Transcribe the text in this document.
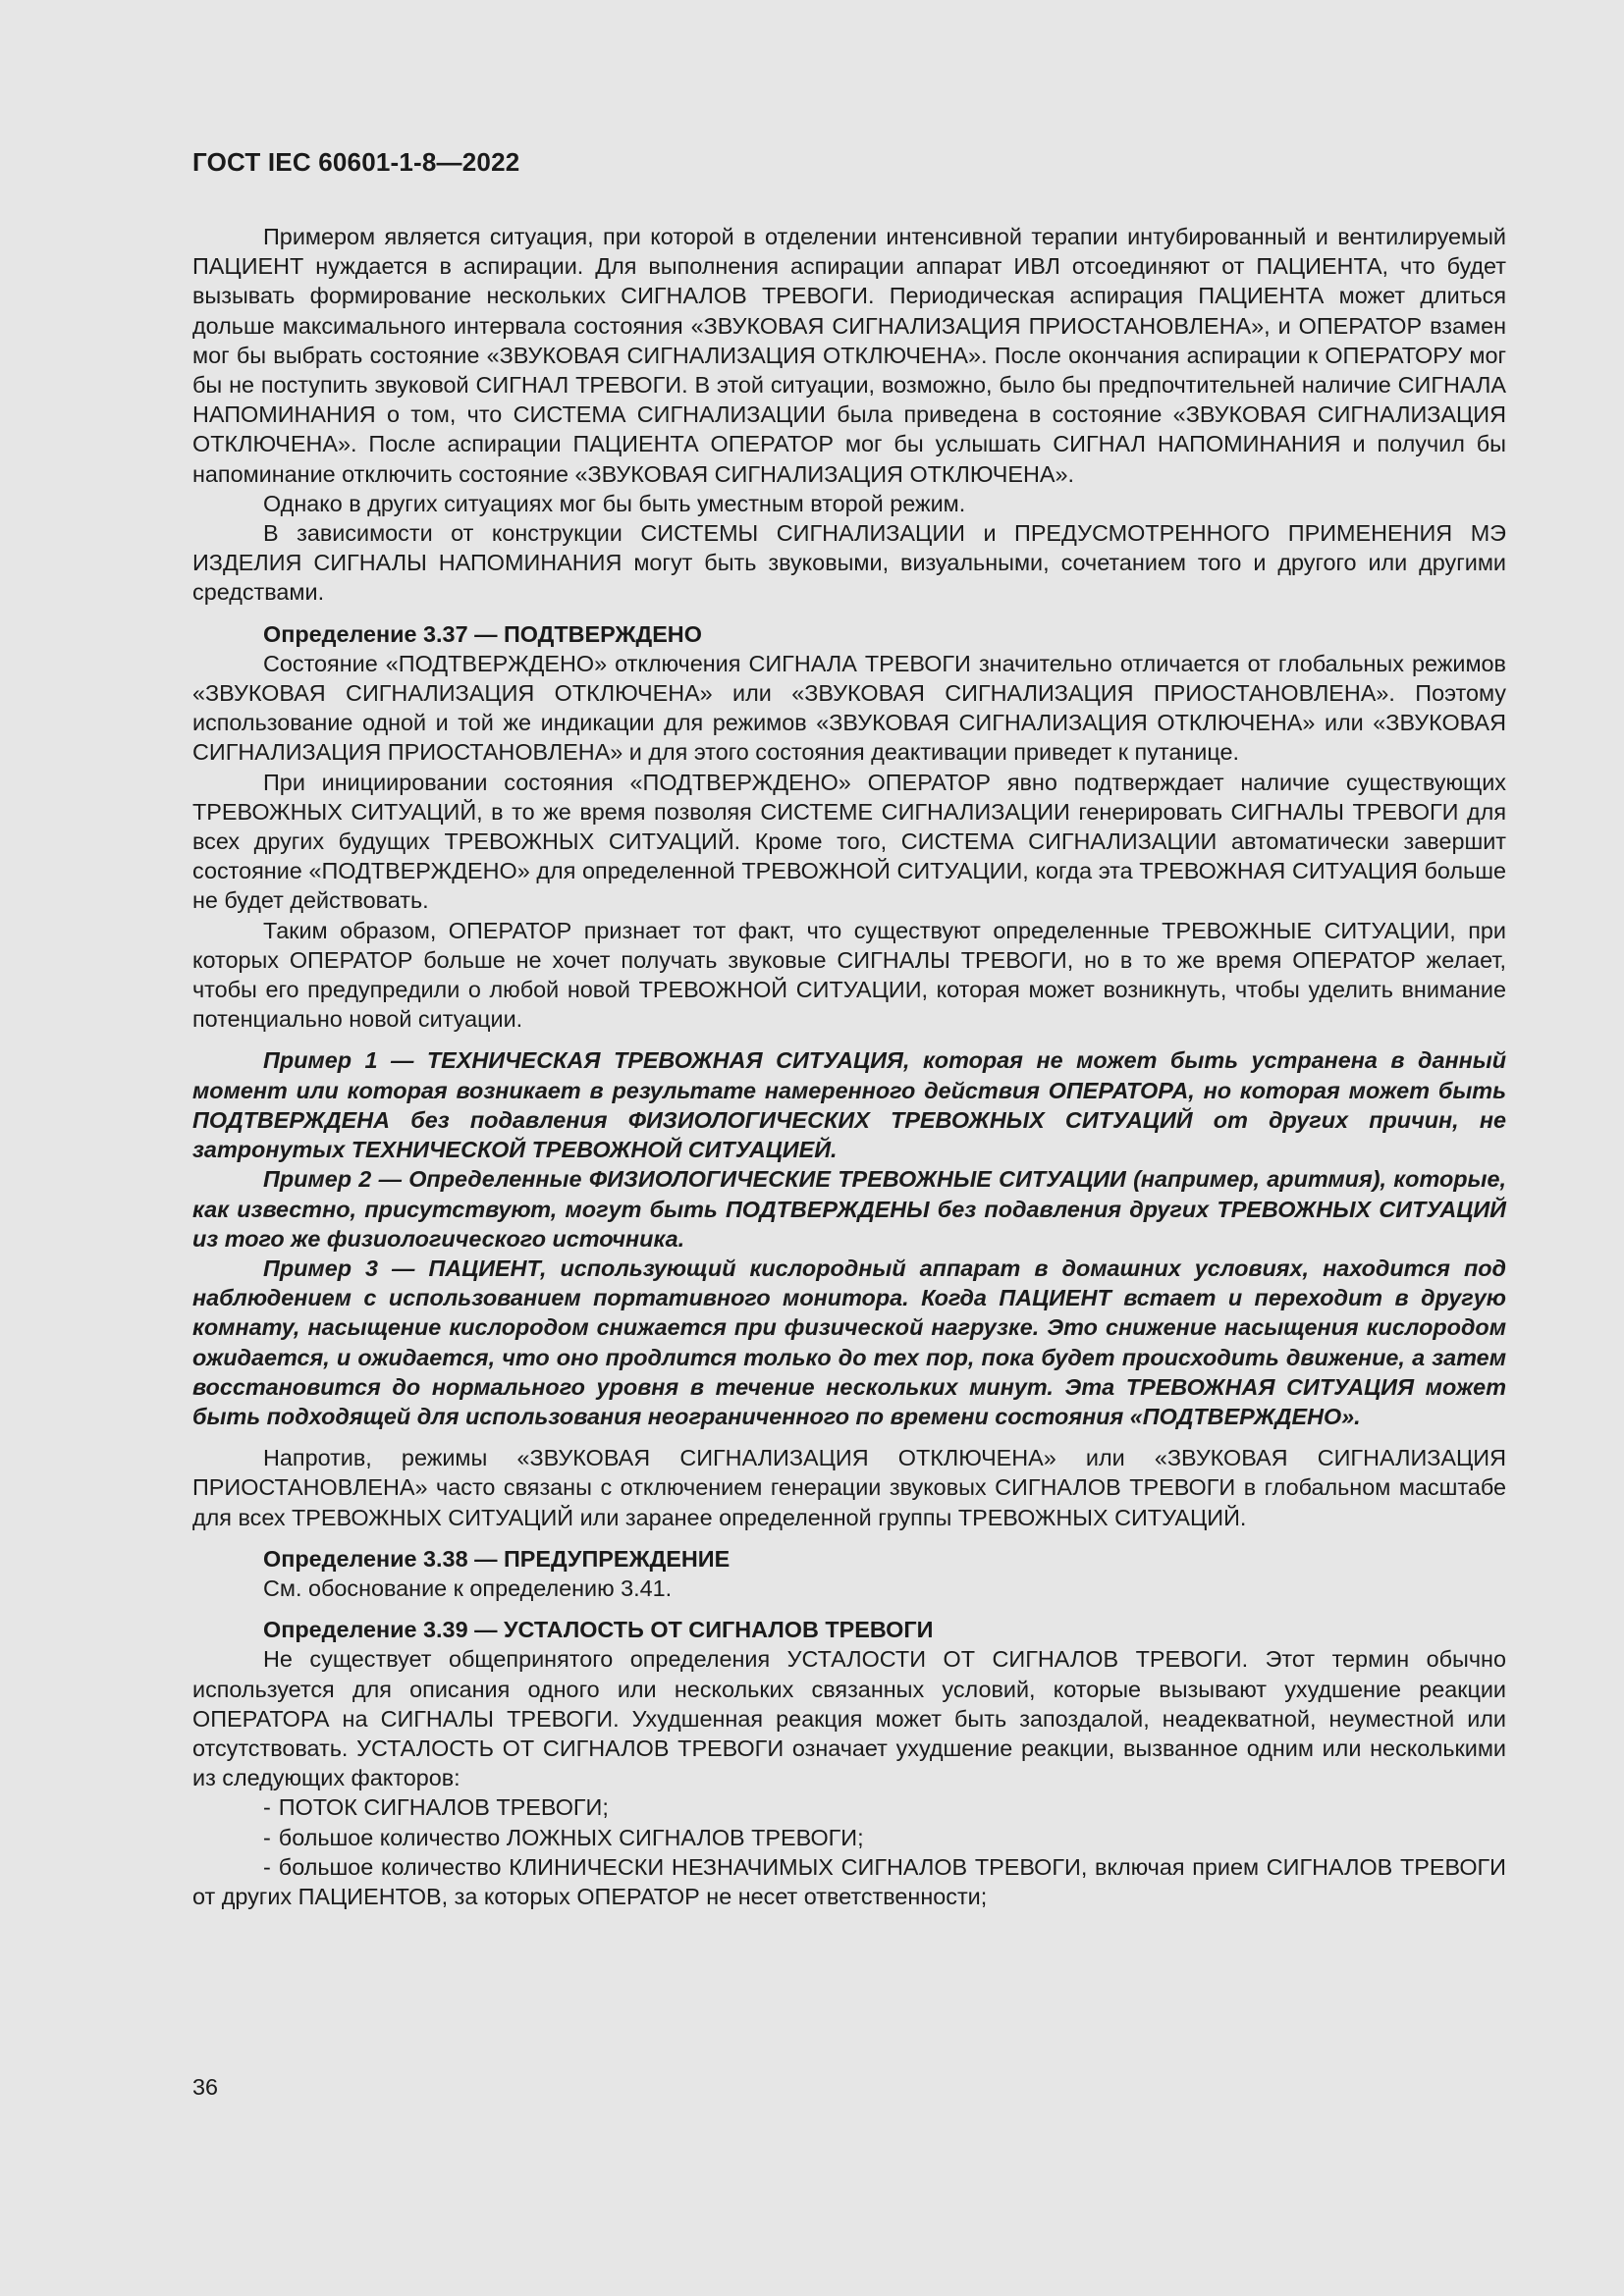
ГОСТ IEC 60601-1-8—2022

Примером является ситуация, при которой в отделении интенсивной терапии интубированный и вентилируемый ПАЦИЕНТ нуждается в аспирации. Для выполнения аспирации аппарат ИВЛ отсоединяют от ПАЦИЕНТА, что будет вызывать формирование нескольких СИГНАЛОВ ТРЕВОГИ. Периодическая аспирация ПАЦИЕНТА может длиться дольше максимального интервала состояния «ЗВУКОВАЯ СИГНАЛИЗАЦИЯ ПРИОСТАНОВЛЕНА», и ОПЕРАТОР взамен мог бы выбрать состояние «ЗВУКОВАЯ СИГНАЛИЗАЦИЯ ОТКЛЮЧЕНА». После окончания аспирации к ОПЕРАТОРУ мог бы не поступить звуковой СИГНАЛ ТРЕВОГИ. В этой ситуации, возможно, было бы предпочтительней наличие СИГНАЛА НАПОМИНАНИЯ о том, что СИСТЕМА СИГНАЛИЗАЦИИ была приведена в состояние «ЗВУКОВАЯ СИГНАЛИЗАЦИЯ ОТКЛЮЧЕНА». После аспирации ПАЦИЕНТА ОПЕРАТОР мог бы услышать СИГНАЛ НАПОМИНАНИЯ и получил бы напоминание отключить состояние «ЗВУКОВАЯ СИГНАЛИЗАЦИЯ ОТКЛЮЧЕНА».

Однако в других ситуациях мог бы быть уместным второй режим.

В зависимости от конструкции СИСТЕМЫ СИГНАЛИЗАЦИИ и ПРЕДУСМОТРЕННОГО ПРИМЕНЕНИЯ МЭ ИЗДЕЛИЯ СИГНАЛЫ НАПОМИНАНИЯ могут быть звуковыми, визуальными, сочетанием того и другого или другими средствами.

Определение 3.37 — ПОДТВЕРЖДЕНО

Состояние «ПОДТВЕРЖДЕНО» отключения СИГНАЛА ТРЕВОГИ значительно отличается от глобальных режимов «ЗВУКОВАЯ СИГНАЛИЗАЦИЯ ОТКЛЮЧЕНА» или «ЗВУКОВАЯ СИГНАЛИЗАЦИЯ ПРИОСТАНОВЛЕНА». Поэтому использование одной и той же индикации для режимов «ЗВУКОВАЯ СИГНАЛИЗАЦИЯ ОТКЛЮЧЕНА» или «ЗВУКОВАЯ СИГНАЛИЗАЦИЯ ПРИОСТАНОВЛЕНА» и для этого состояния деактивации приведет к путанице.

При инициировании состояния «ПОДТВЕРЖДЕНО» ОПЕРАТОР явно подтверждает наличие существующих ТРЕВОЖНЫХ СИТУАЦИЙ, в то же время позволяя СИСТЕМЕ СИГНАЛИЗАЦИИ генерировать СИГНАЛЫ ТРЕВОГИ для всех других будущих ТРЕВОЖНЫХ СИТУАЦИЙ. Кроме того, СИСТЕМА СИГНАЛИЗАЦИИ автоматически завершит состояние «ПОДТВЕРЖДЕНО» для определенной ТРЕВОЖНОЙ СИТУАЦИИ, когда эта ТРЕВОЖНАЯ СИТУАЦИЯ больше не будет действовать.

Таким образом, ОПЕРАТОР признает тот факт, что существуют определенные ТРЕВОЖНЫЕ СИТУАЦИИ, при которых ОПЕРАТОР больше не хочет получать звуковые СИГНАЛЫ ТРЕВОГИ, но в то же время ОПЕРАТОР желает, чтобы его предупредили о любой новой ТРЕВОЖНОЙ СИТУАЦИИ, которая может возникнуть, чтобы уделить внимание потенциально новой ситуации.

Пример 1 — ТЕХНИЧЕСКАЯ ТРЕВОЖНАЯ СИТУАЦИЯ, которая не может быть устранена в данный момент или которая возникает в результате намеренного действия ОПЕРАТОРА, но которая может быть ПОДТВЕРЖДЕНА без подавления ФИЗИОЛОГИЧЕСКИХ ТРЕВОЖНЫХ СИТУАЦИЙ от других причин, не затронутых ТЕХНИЧЕСКОЙ ТРЕВОЖНОЙ СИТУАЦИЕЙ.

Пример 2 — Определенные ФИЗИОЛОГИЧЕСКИЕ ТРЕВОЖНЫЕ СИТУАЦИИ (например, аритмия), которые, как известно, присутствуют, могут быть ПОДТВЕРЖДЕНЫ без подавления других ТРЕВОЖНЫХ СИТУАЦИЙ из того же физиологического источника.

Пример 3 — ПАЦИЕНТ, использующий кислородный аппарат в домашних условиях, находится под наблюдением с использованием портативного монитора. Когда ПАЦИЕНТ встает и переходит в другую комнату, насыщение кислородом снижается при физической нагрузке. Это снижение насыщения кислородом ожидается, и ожидается, что оно продлится только до тех пор, пока будет происходить движение, а затем восстановится до нормального уровня в течение нескольких минут. Эта ТРЕВОЖНАЯ СИТУАЦИЯ может быть подходящей для использования неограниченного по времени состояния «ПОДТВЕРЖДЕНО».

Напротив, режимы «ЗВУКОВАЯ СИГНАЛИЗАЦИЯ ОТКЛЮЧЕНА» или «ЗВУКОВАЯ СИГНАЛИЗАЦИЯ ПРИОСТАНОВЛЕНА» часто связаны с отключением генерации звуковых СИГНАЛОВ ТРЕВОГИ в глобальном масштабе для всех ТРЕВОЖНЫХ СИТУАЦИЙ или заранее определенной группы ТРЕВОЖНЫХ СИТУАЦИЙ.

Определение 3.38 — ПРЕДУПРЕЖДЕНИЕ

См. обоснование к определению 3.41.

Определение 3.39 — УСТАЛОСТЬ ОТ СИГНАЛОВ ТРЕВОГИ

Не существует общепринятого определения УСТАЛОСТИ ОТ СИГНАЛОВ ТРЕВОГИ. Этот термин обычно используется для описания одного или нескольких связанных условий, которые вызывают ухудшение реакции ОПЕРАТОРА на СИГНАЛЫ ТРЕВОГИ. Ухудшенная реакция может быть запоздалой, неадекватной, неуместной или отсутствовать. УСТАЛОСТЬ ОТ СИГНАЛОВ ТРЕВОГИ означает ухудшение реакции, вызванное одним или несколькими из следующих факторов:

- ПОТОК СИГНАЛОВ ТРЕВОГИ;

- большое количество ЛОЖНЫХ СИГНАЛОВ ТРЕВОГИ;

- большое количество КЛИНИЧЕСКИ НЕЗНАЧИМЫХ СИГНАЛОВ ТРЕВОГИ, включая прием СИГНАЛОВ ТРЕВОГИ от других ПАЦИЕНТОВ, за которых ОПЕРАТОР не несет ответственности;

36
